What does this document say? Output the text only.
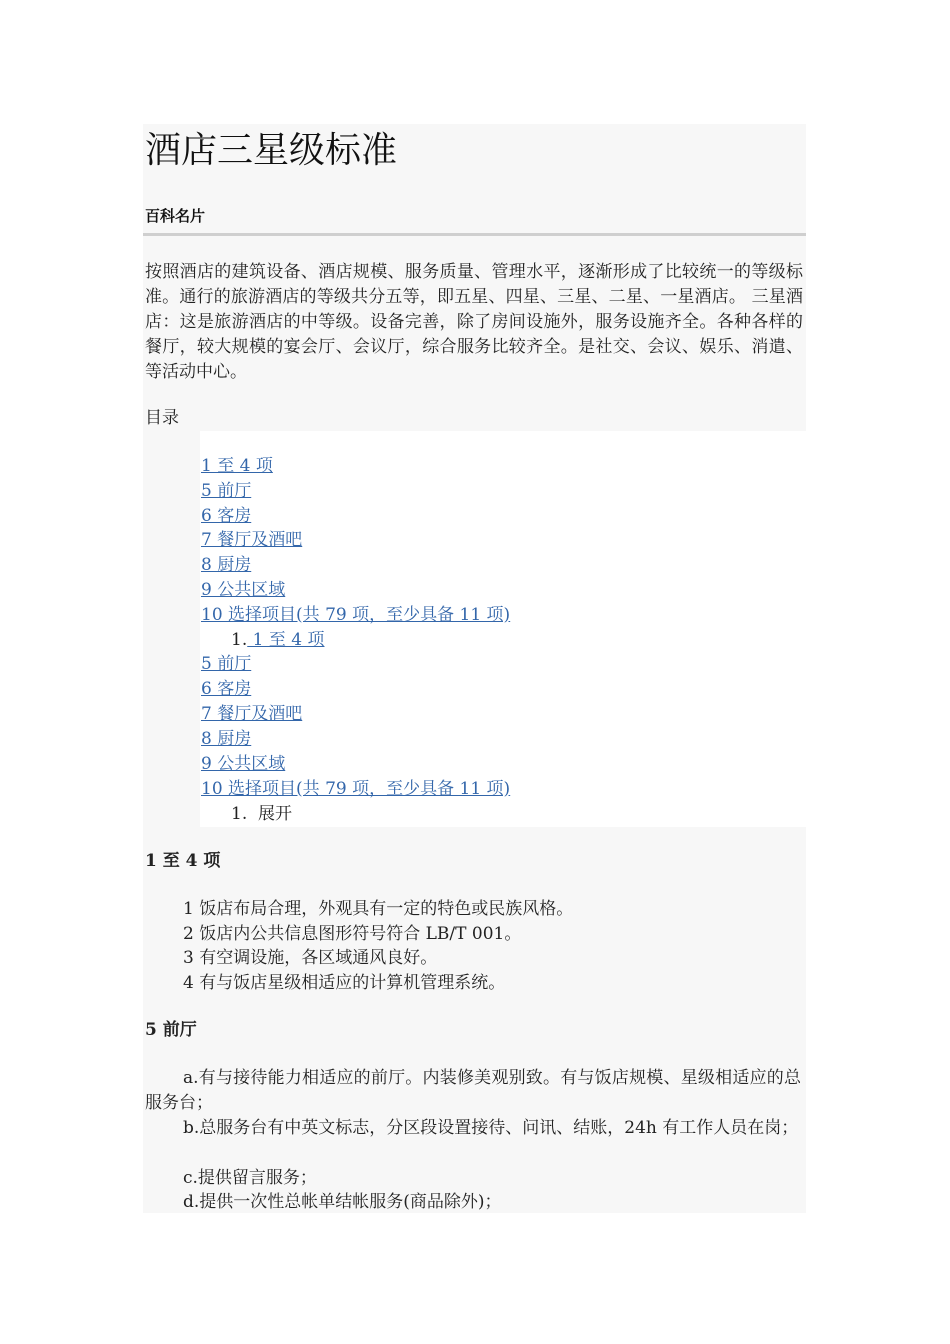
酒店三星级标准
百科名片

按照酒店的建筑设备、酒店规模、服务质量、管理水平，逐渐形成了比较统一的等级标准。通行的旅游酒店的等级共分五等，即五星、四星、三星、二星、一星酒店。 三星酒店：这是旅游酒店的中等级。设备完善，除了房间设施外，服务设施齐全。各种各样的餐厅，较大规模的宴会厅、会议厅，综合服务比较齐全。是社交、会议、娱乐、消遣、等活动中心。

目录
1 至 4 项
5 前厅
6 客房
7 餐厅及酒吧
8 厨房
9 公共区域
10 选择项目(共 79 项，至少具备 11 项)
1. 1 至 4 项
5 前厅
6 客房
7 餐厅及酒吧
8 厨房
9 公共区域
10 选择项目(共 79 项，至少具备 11 项)
1. 展开
1 至 4 项
1 饭店布局合理，外观具有一定的特色或民族风格。
2 饭店内公共信息图形符号符合 LB/T 001。
3 有空调设施，各区域通风良好。
4 有与饭店星级相适应的计算机管理系统。
5 前厅

a.有与接待能力相适应的前厅。内装修美观别致。有与饭店规模、星级相适应的总服务台；

b.总服务台有中英文标志，分区段设置接待、问讯、结账，24h 有工作人员在岗；

c.提供留言服务；

d.提供一次性总帐单结帐服务(商品除外)；
